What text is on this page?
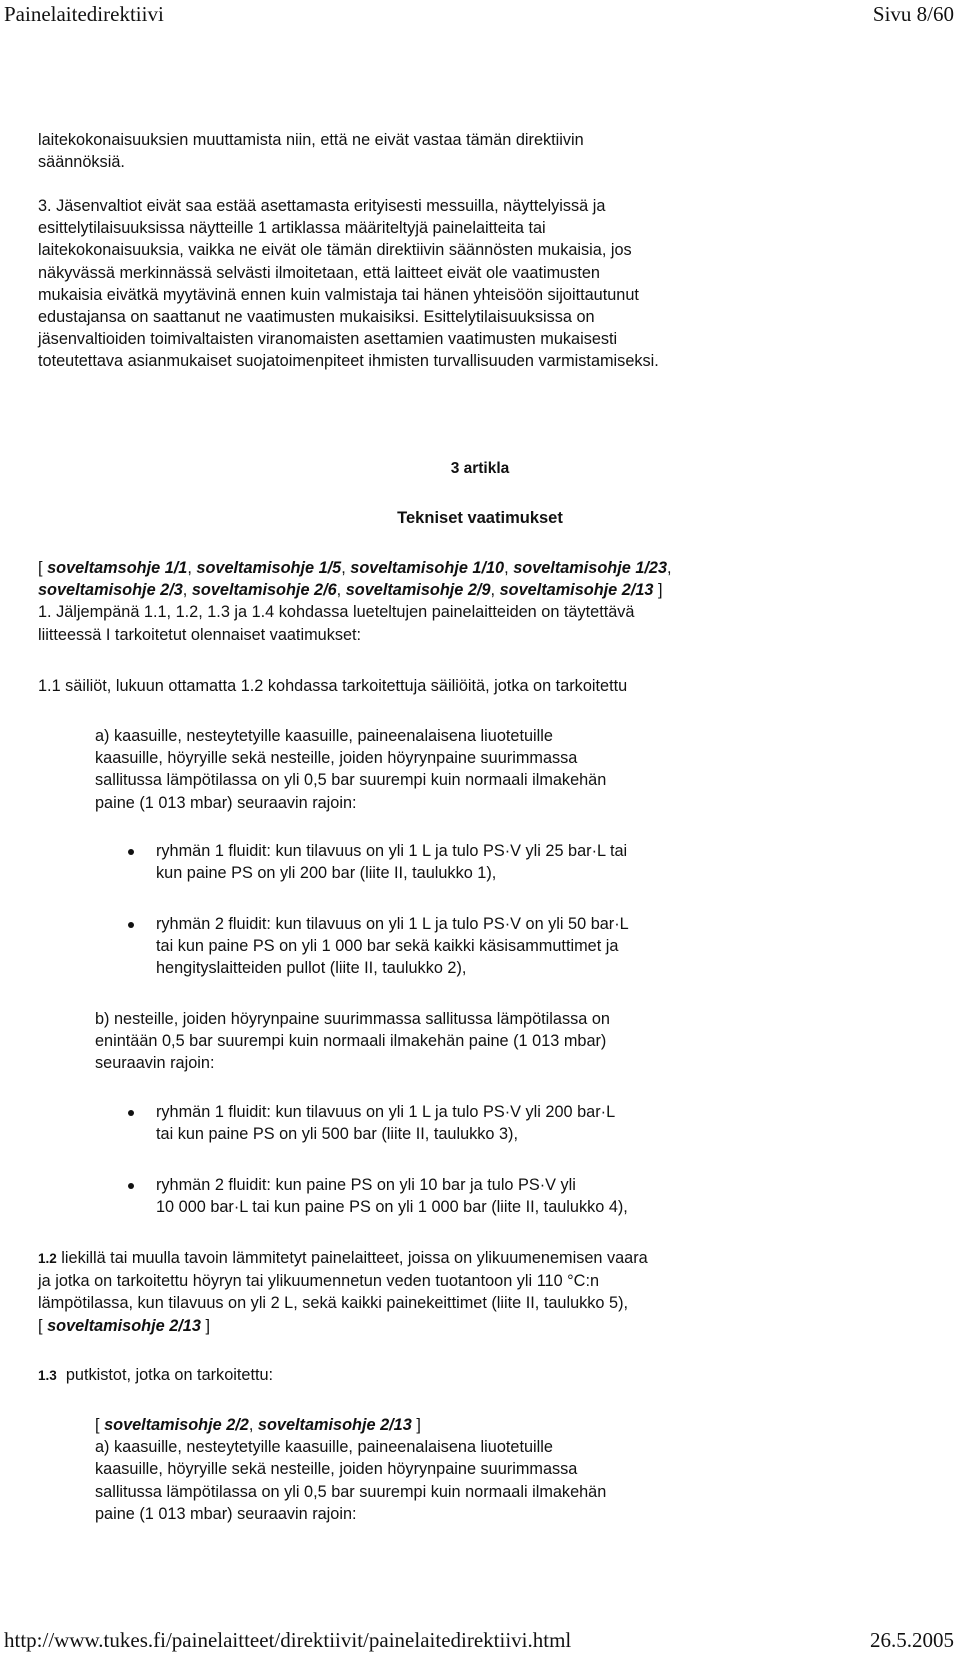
Painelaitedirektiivi	Sivu 8/60

laitekokonaisuuksien muuttamista niin, että ne eivät vastaa tämän direktiivin

säännöksiä.

3. Jäsenvaltiot eivät saa estää asettamasta erityisesti messuilla, näyttelyissä ja

esittelytilaisuuksissa näytteille 1 artiklassa määriteltyjä painelaitteita tai

laitekokonaisuuksia, vaikka ne eivät ole tämän direktiivin säännösten mukaisia, jos

näkyvässä merkinnässä selvästi ilmoitetaan, että laitteet eivät ole vaatimusten

mukaisia eivätkä myytävinä ennen kuin valmistaja tai hänen yhteisöön sijoittautunut

edustajansa on saattanut ne vaatimusten mukaisiksi. Esittelytilaisuuksissa on

jäsenvaltioiden toimivaltaisten viranomaisten asettamien vaatimusten mukaisesti

toteutettava asianmukaiset suojatoimenpiteet ihmisten turvallisuuden varmistamiseksi.

3 artikla
Tekniset vaatimukset

[ soveltamsohje 1/1, soveltamisohje 1/5, soveltamisohje 1/10, soveltamisohje 1/23,

soveltamisohje 2/3, soveltamisohje 2/6, soveltamisohje 2/9, soveltamisohje 2/13 ]

1. Jäljempänä 1.1, 1.2, 1.3 ja 1.4 kohdassa lueteltujen painelaitteiden on täytettävä

liitteessä I tarkoitetut olennaiset vaatimukset:

1.1 säiliöt, lukuun ottamatta 1.2 kohdassa tarkoitettuja säiliöitä, jotka on tarkoitettu

a) kaasuille, nesteytetyille kaasuille, paineenalaisena liuotetuille

kaasuille, höyryille sekä nesteille, joiden höyrynpaine suurimmassa

sallitussa lämpötilassa on yli 0,5 bar suurempi kuin normaali ilmakehän

paine (1 013 mbar) seuraavin rajoin:

ryhmän 1 fluidit: kun tilavuus on yli 1 L ja tulo PS·V yli 25 bar·L tai

kun paine PS on yli 200 bar (liite II, taulukko 1),

ryhmän 2 fluidit: kun tilavuus on yli 1 L ja tulo PS·V on yli 50 bar·L

tai kun paine PS on yli 1 000 bar sekä kaikki käsisammuttimet ja

hengityslaitteiden pullot (liite II, taulukko 2),

b) nesteille, joiden höyrynpaine suurimmassa sallitussa lämpötilassa on

enintään 0,5 bar suurempi kuin normaali ilmakehän paine (1 013 mbar)

seuraavin rajoin:

ryhmän 1 fluidit: kun tilavuus on yli 1 L ja tulo PS·V yli 200 bar·L

tai kun paine PS on yli 500 bar (liite II, taulukko 3),

ryhmän 2 fluidit: kun paine PS on yli 10 bar ja tulo PS·V yli

10 000 bar·L tai kun paine PS on yli 1 000 bar (liite II, taulukko 4),

1.2 liekillä tai muulla tavoin lämmitetyt painelaitteet, joissa on ylikuumenemisen vaara

ja jotka on tarkoitettu höyryn tai ylikuumennetun veden tuotantoon yli 110 °C:n

lämpötilassa, kun tilavuus on yli 2 L, sekä kaikki painekeittimet (liite II, taulukko 5),

[ soveltamisohje 2/13 ]

1.3  putkistot, jotka on tarkoitettu:

[ soveltamisohje 2/2, soveltamisohje 2/13 ]

a) kaasuille, nesteytetyille kaasuille, paineenalaisena liuotetuille

kaasuille, höyryille sekä nesteille, joiden höyrynpaine suurimmassa

sallitussa lämpötilassa on yli 0,5 bar suurempi kuin normaali ilmakehän

paine (1 013 mbar) seuraavin rajoin:

http://www.tukes.fi/painelaitteet/direktiivit/painelaitedirektiivi.html	26.5.2005
